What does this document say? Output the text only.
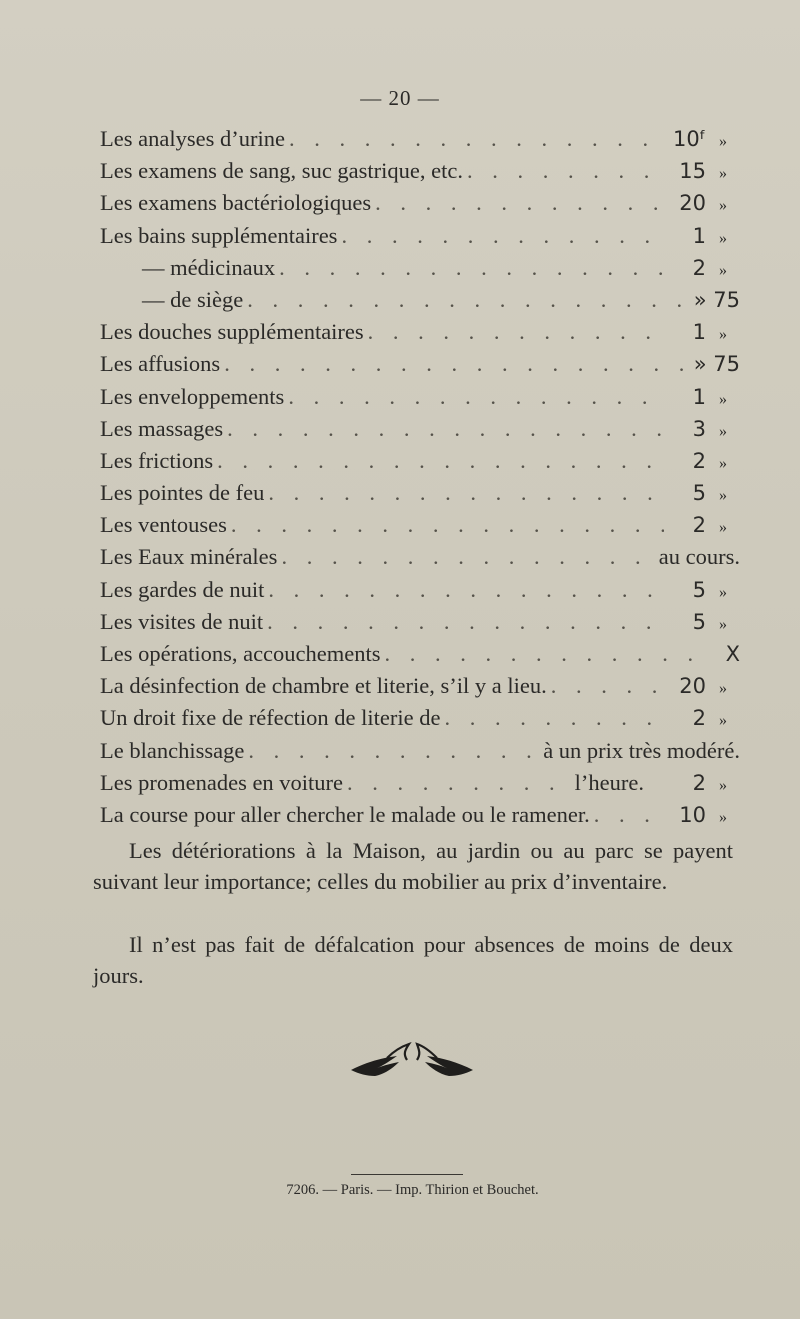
— 20 —
Les analyses d’urine . . .	10ᶠ »
Les examens de sang, suc gastrique, etc. . . .	15 »
Les examens bactériologiques . . .	20 »
Les bains supplémentaires . . .	1 »
— médicinaux . . .	2 »
— de siège . . .	» 75
Les douches supplémentaires . . .	1 »
Les affusions . . .	» 75
Les enveloppements . . .	1 »
Les massages . . .	3 »
Les frictions . . .	2 »
Les pointes de feu . . .	5 »
Les ventouses . . .	2 »
Les Eaux minérales . . .	au cours.
Les gardes de nuit . . .	5 »
Les visites de nuit . . .	5 »
Les opérations, accouchements . . .	X
La désinfection de chambre et literie, s’il y a lieu. . . .	20 »
Un droit fixe de réfection de literie de . . .	2 »
Le blanchissage . . .	à un prix très modéré.
Les promenades en voiture . . .	l’heure.	2 »
La course pour aller chercher le malade ou le ramener. . . .	10 »

Les détériorations à la Maison, au jardin ou au parc se payent suivant leur importance; celles du mobilier au prix d’inventaire.

Il n’est pas fait de défalcation pour absences de moins de deux jours.

7206. — Paris. — Imp. Thirion et Bouchet.
